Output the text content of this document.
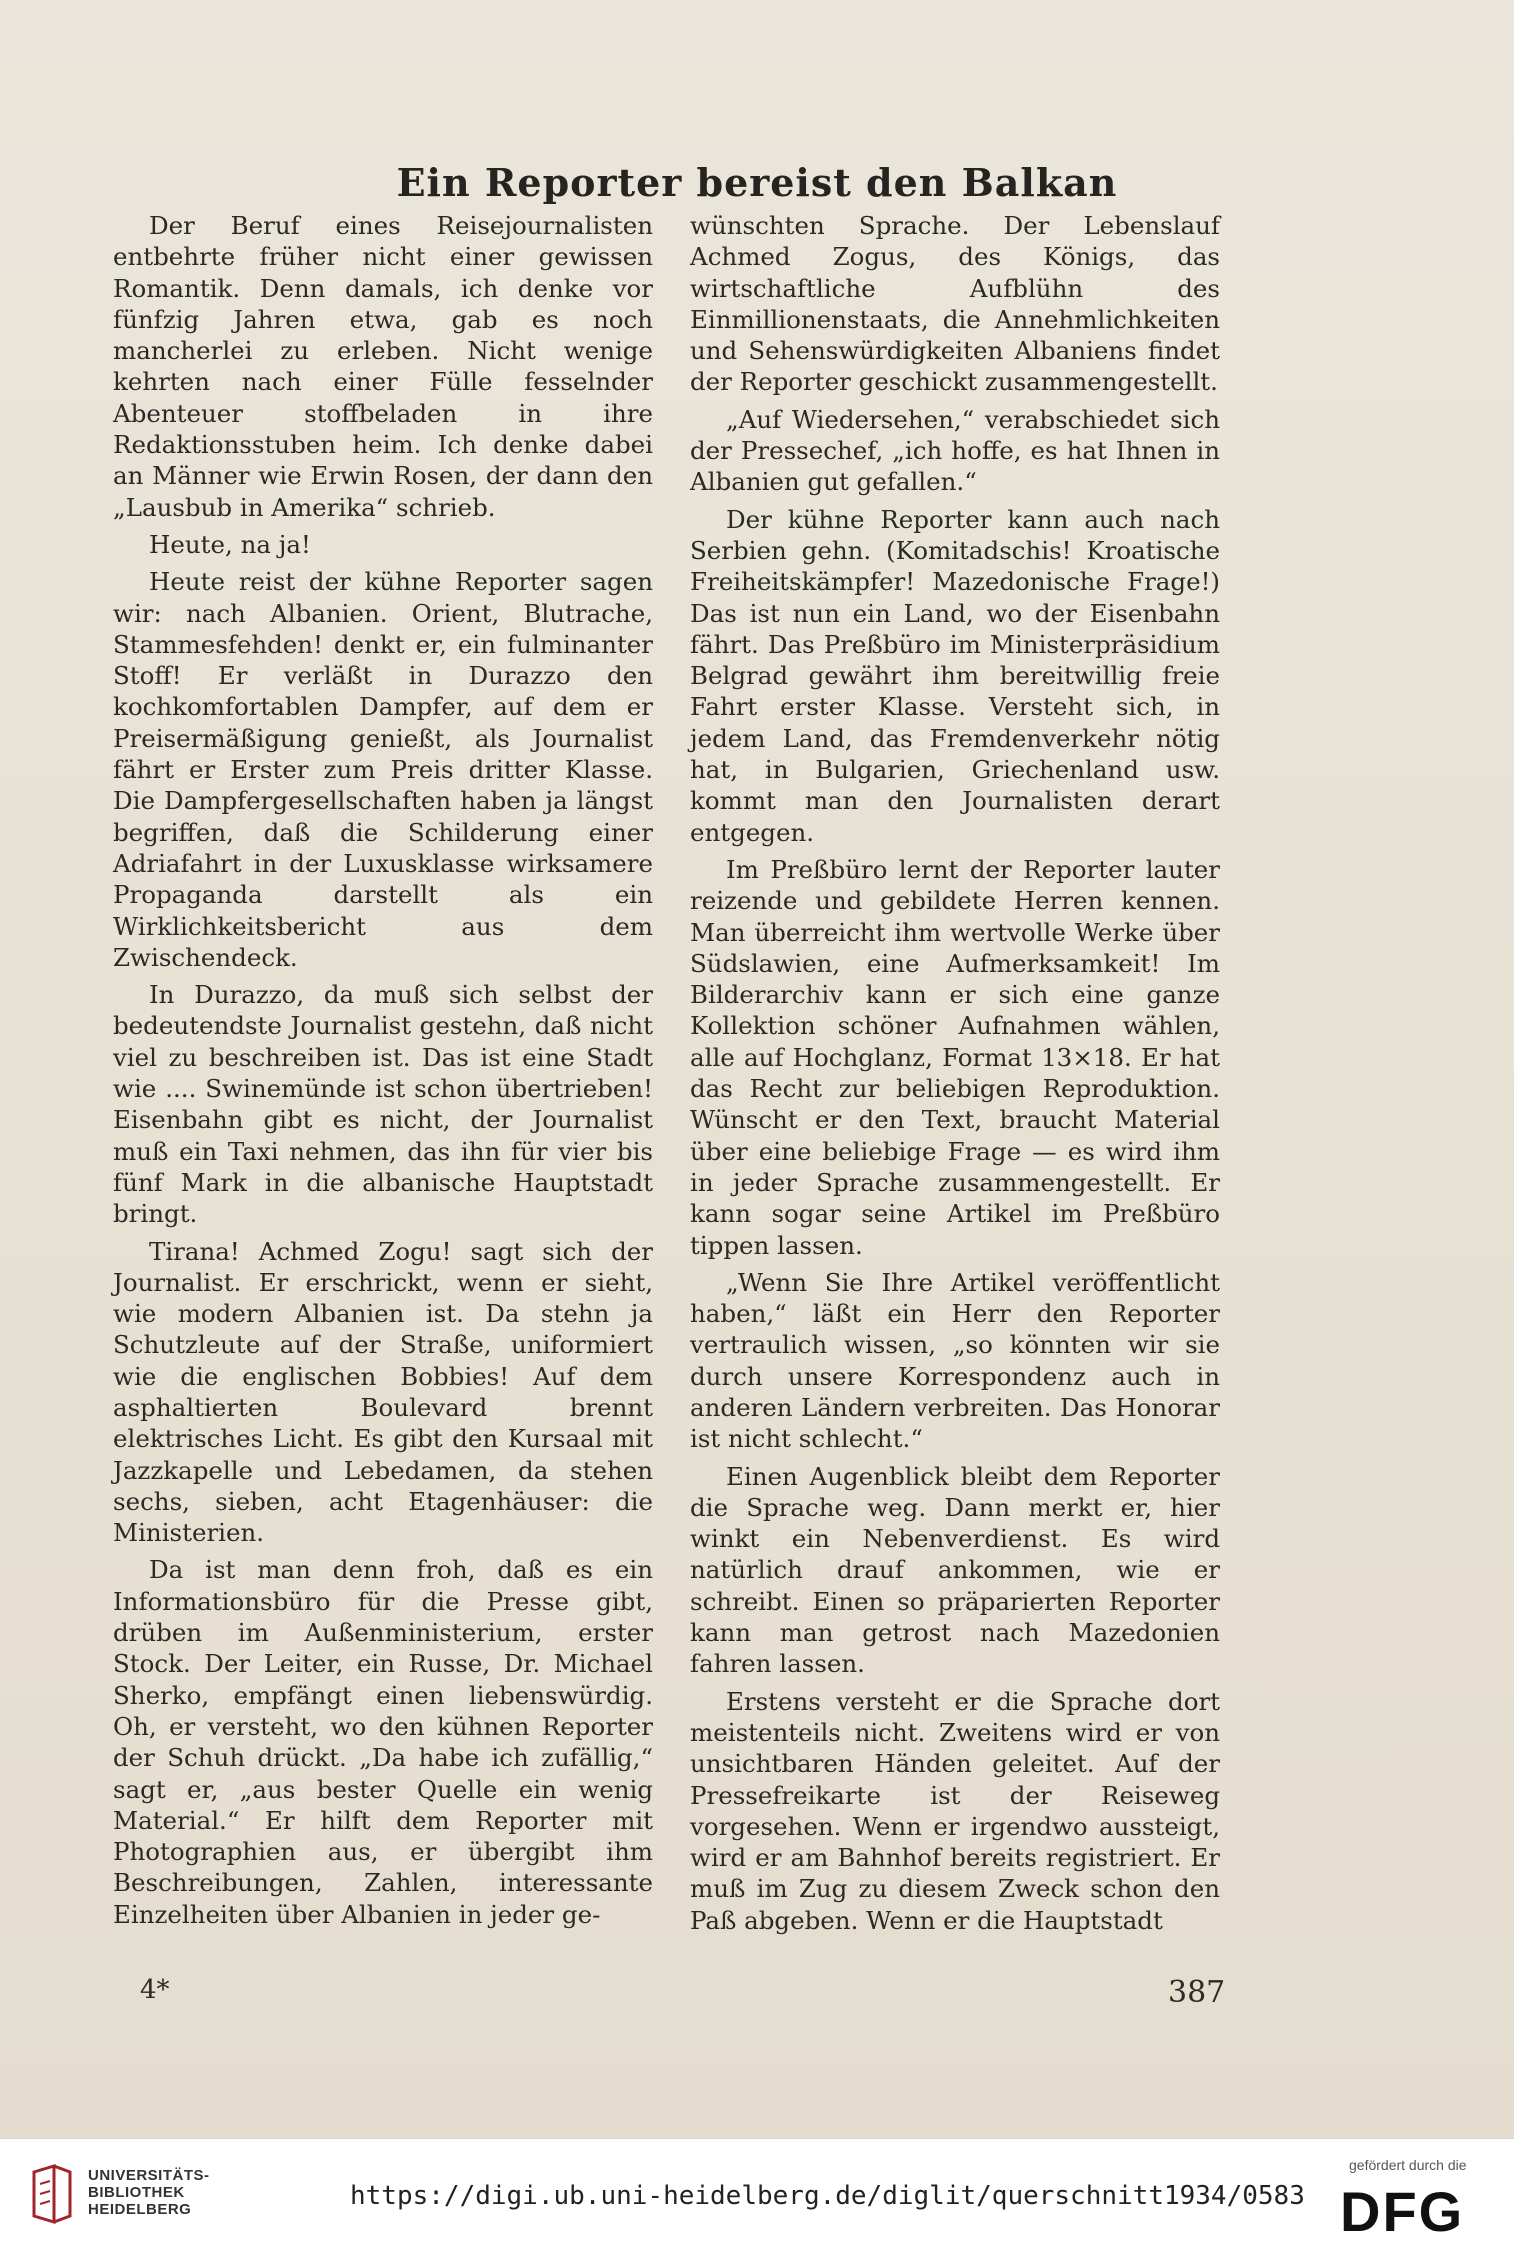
Ein Reporter bereist den Balkan

Der Beruf eines Reisejournalisten entbehrte früher nicht einer gewissen Romantik. Denn damals, ich denke vor fünfzig Jahren etwa, gab es noch mancherlei zu erleben. Nicht wenige kehrten nach einer Fülle fesselnder Abenteuer stoffbeladen in ihre Redaktionsstuben heim. Ich denke dabei an Männer wie Erwin Rosen, der dann den „Lausbub in Amerika“ schrieb.

Heute, na ja!

Heute reist der kühne Reporter sagen wir: nach Albanien. Orient, Blutrache, Stammesfehden! denkt er, ein fulminanter Stoff! Er verläßt in Durazzo den kochkomfortablen Dampfer, auf dem er Preisermäßigung genießt, als Journalist fährt er Erster zum Preis dritter Klasse. Die Dampfergesellschaften haben ja längst begriffen, daß die Schilderung einer Adriafahrt in der Luxusklasse wirksamere Propaganda darstellt als ein Wirklichkeitsbericht aus dem Zwischendeck.

In Durazzo, da muß sich selbst der bedeutendste Journalist gestehn, daß nicht viel zu beschreiben ist. Das ist eine Stadt wie .... Swinemünde ist schon übertrieben! Eisenbahn gibt es nicht, der Journalist muß ein Taxi nehmen, das ihn für vier bis fünf Mark in die albanische Hauptstadt bringt.

Tirana! Achmed Zogu! sagt sich der Journalist. Er erschrickt, wenn er sieht, wie modern Albanien ist. Da stehn ja Schutzleute auf der Straße, uniformiert wie die englischen Bobbies! Auf dem asphaltierten Boulevard brennt elektrisches Licht. Es gibt den Kursaal mit Jazzkapelle und Lebedamen, da stehen sechs, sieben, acht Etagenhäuser: die Ministerien.

Da ist man denn froh, daß es ein Informationsbüro für die Presse gibt, drüben im Außenministerium, erster Stock. Der Leiter, ein Russe, Dr. Michael Sherko, empfängt einen liebenswürdig. Oh, er versteht, wo den kühnen Reporter der Schuh drückt. „Da habe ich zufällig,“ sagt er, „aus bester Quelle ein wenig Material.“ Er hilft dem Reporter mit Photographien aus, er übergibt ihm Beschreibungen, Zahlen, interessante Einzelheiten über Albanien in jeder ge-

wünschten Sprache. Der Lebenslauf Achmed Zogus, des Königs, das wirtschaftliche Aufblühn des Einmillionenstaats, die Annehmlichkeiten und Sehenswürdigkeiten Albaniens findet der Reporter geschickt zusammengestellt.

„Auf Wiedersehen,“ verabschiedet sich der Pressechef, „ich hoffe, es hat Ihnen in Albanien gut gefallen.“

Der kühne Reporter kann auch nach Serbien gehn. (Komitadschis! Kroatische Freiheitskämpfer! Mazedonische Frage!) Das ist nun ein Land, wo der Eisenbahn fährt. Das Preßbüro im Ministerpräsidium Belgrad gewährt ihm bereitwillig freie Fahrt erster Klasse. Versteht sich, in jedem Land, das Fremdenverkehr nötig hat, in Bulgarien, Griechenland usw. kommt man den Journalisten derart entgegen.

Im Preßbüro lernt der Reporter lauter reizende und gebildete Herren kennen. Man überreicht ihm wertvolle Werke über Südslawien, eine Aufmerksamkeit! Im Bilderarchiv kann er sich eine ganze Kollektion schöner Aufnahmen wählen, alle auf Hochglanz, Format 13×18. Er hat das Recht zur beliebigen Reproduktion. Wünscht er den Text, braucht Material über eine beliebige Frage — es wird ihm in jeder Sprache zusammengestellt. Er kann sogar seine Artikel im Preßbüro tippen lassen.

„Wenn Sie Ihre Artikel veröffentlicht haben,“ läßt ein Herr den Reporter vertraulich wissen, „so könnten wir sie durch unsere Korrespondenz auch in anderen Ländern verbreiten. Das Honorar ist nicht schlecht.“

Einen Augenblick bleibt dem Reporter die Sprache weg. Dann merkt er, hier winkt ein Nebenverdienst. Es wird natürlich drauf ankommen, wie er schreibt. Einen so präparierten Reporter kann man getrost nach Mazedonien fahren lassen.

Erstens versteht er die Sprache dort meistenteils nicht. Zweitens wird er von unsichtbaren Händen geleitet. Auf der Pressefreikarte ist der Reiseweg vorgesehen. Wenn er irgendwo aussteigt, wird er am Bahnhof bereits registriert. Er muß im Zug zu diesem Zweck schon den Paß abgeben. Wenn er die Hauptstadt

4*	387
UNIVERSITÄTS-
BIBLIOTHEK
HEIDELBERG	https://digi.ub.uni-heidelberg.de/diglit/querschnitt1934/0583
gefördert durch die
DFG
